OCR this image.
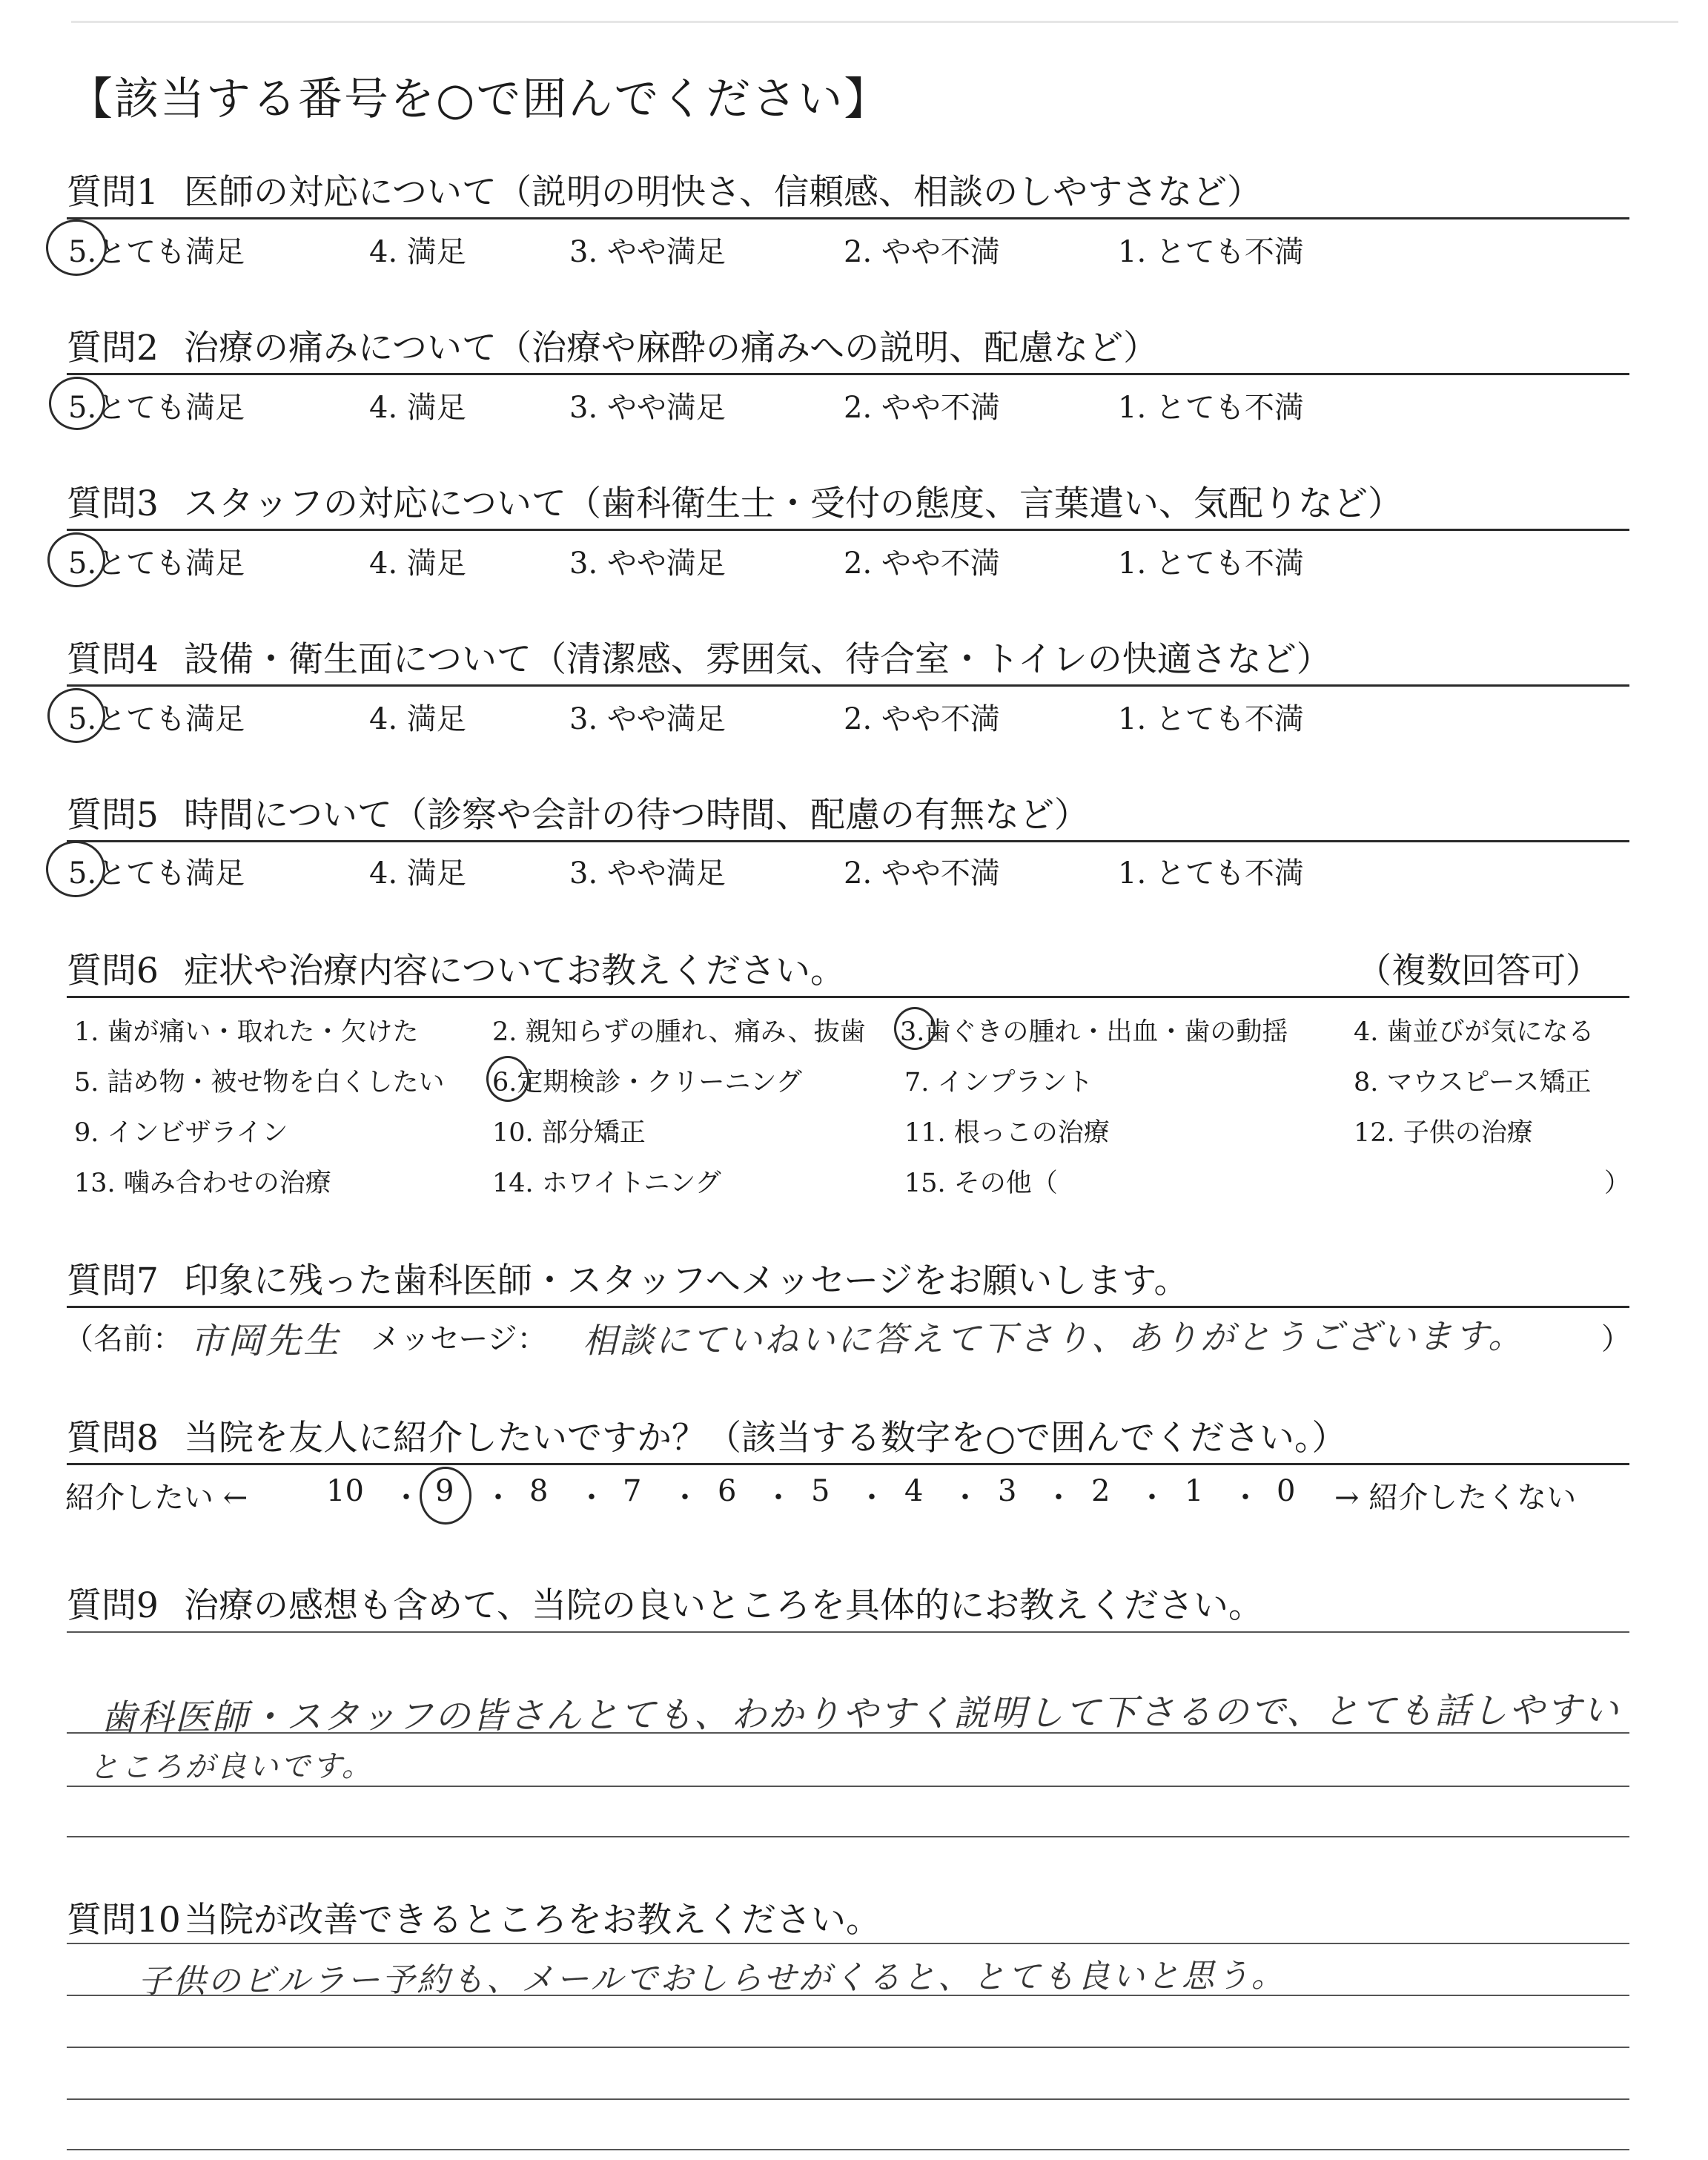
【該当する番号を○で囲んでください】
質問1 医師の対応について（説明の明快さ、信頼感、相談のしやすさなど）
5.とても満足	4. 満足	3. やや満足	2. やや不満	1. とても不満
質問2 治療の痛みについて（治療や麻酔の痛みへの説明、配慮など）
5.とても満足	4. 満足	3. やや満足	2. やや不満	1. とても不満
質問3 スタッフの対応について（歯科衛生士・受付の態度、言葉遣い、気配りなど）
5.とても満足	4. 満足	3. やや満足	2. やや不満	1. とても不満
質問4 設備・衛生面について（清潔感、雰囲気、待合室・トイレの快適さなど）
5.とても満足	4. 満足	3. やや満足	2. やや不満	1. とても不満
質問5 時間について（診察や会計の待つ時間、配慮の有無など）
5.とても満足	4. 満足	3. やや満足	2. やや不満	1. とても不満
質問6 症状や治療内容についてお教えください。	（複数回答可）
1. 歯が痛い・取れた・欠けた	2. 親知らずの腫れ、痛み、抜歯 3.歯ぐきの腫れ・出血・歯の動揺	4. 歯並びが気になる
5. 詰め物・被せ物を白くしたい 6.定期検診・クリーニング	7. インプラント	8. マウスピース矯正
9. インビザライン	10. 部分矯正	11. 根っこの治療	12. 子供の治療
13. 噛み合わせの治療	14. ホワイトニング	15. その他（	）
質問7 印象に残った歯科医師・スタッフへメッセージをお願いします。
（名前： 市岡先生 メッセージ： 相談にていねいに答えて下さり、ありがとうございます。	）
質問8 当院を友人に紹介したいですか？（該当する数字を○で囲んでください。）
紹介したい ←	10 ・ 9 ・ 8 ・ 7 ・ 6 ・ 5 ・ 4 ・ 3 ・ 2 ・ 1 ・ 0 → 紹介したくない
質問9 治療の感想も含めて、当院の良いところを具体的にお教えください。
歯科医師・スタッフの皆さんとても、わかりやすく説明して下さるので、とても話しやすい
ところが良いです。
質問10当院が改善できるところをお教えください。
子供のビルラー予約も、メールでおしらせがくると、とても良いと思う。
